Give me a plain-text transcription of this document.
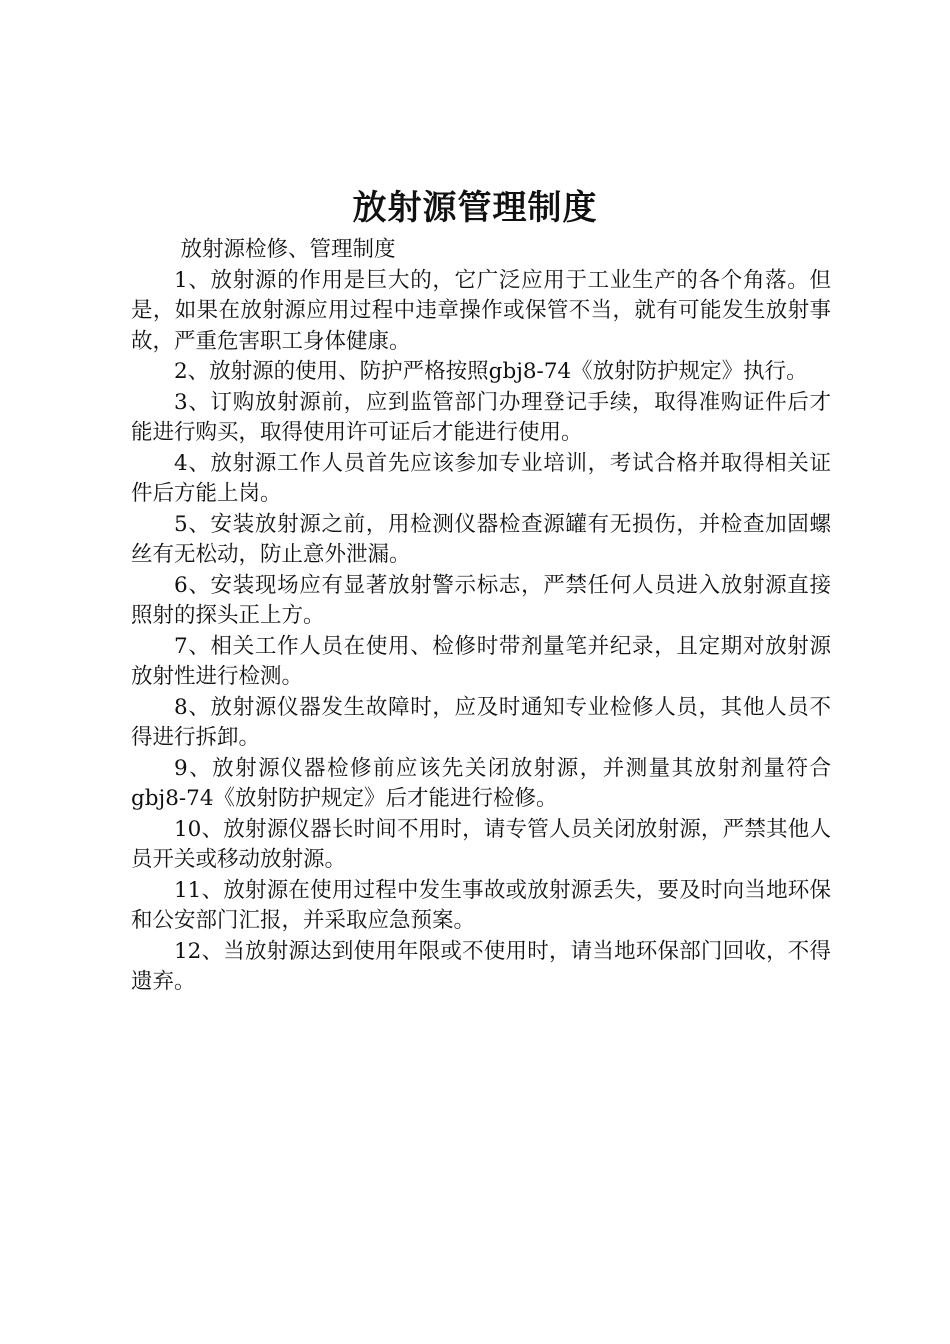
放射源管理制度

放射源检修、管理制度

1、放射源的作用是巨大的，它广泛应用于工业生产的各个角落。但是，如果在放射源应用过程中违章操作或保管不当，就有可能发生放射事故，严重危害职工身体健康。

2、放射源的使用、防护严格按照gbj8-74《放射防护规定》执行。

3、订购放射源前，应到监管部门办理登记手续，取得准购证件后才能进行购买，取得使用许可证后才能进行使用。

4、放射源工作人员首先应该参加专业培训，考试合格并取得相关证件后方能上岗。

5、安装放射源之前，用检测仪器检查源罐有无损伤，并检查加固螺丝有无松动，防止意外泄漏。

6、安装现场应有显著放射警示标志，严禁任何人员进入放射源直接照射的探头正上方。

7、相关工作人员在使用、检修时带剂量笔并纪录，且定期对放射源放射性进行检测。

8、放射源仪器发生故障时，应及时通知专业检修人员，其他人员不得进行拆卸。

9、放射源仪器检修前应该先关闭放射源，并测量其放射剂量符合gbj8-74《放射防护规定》后才能进行检修。

10、放射源仪器长时间不用时，请专管人员关闭放射源，严禁其他人员开关或移动放射源。

11、放射源在使用过程中发生事故或放射源丢失，要及时向当地环保和公安部门汇报，并采取应急预案。

12、当放射源达到使用年限或不使用时，请当地环保部门回收，不得遗弃。
